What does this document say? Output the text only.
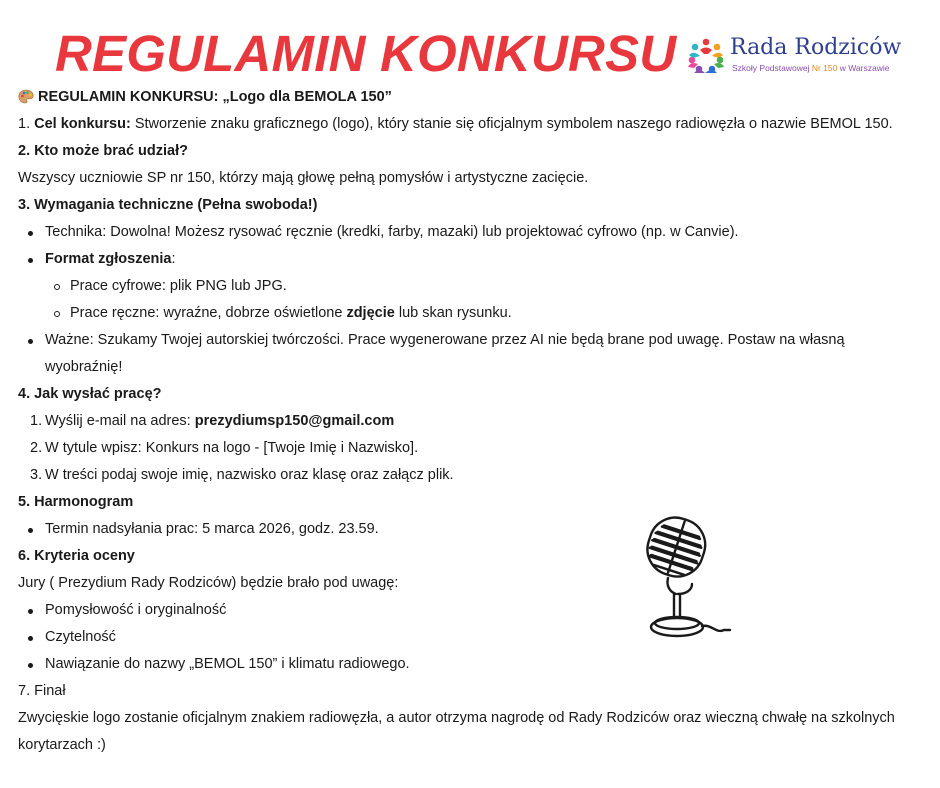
REGULAMIN KONKURSU Rada Rodziców
Szkoły Podstawowej Nr 150 w Warszawie
REGULAMIN KONKURSU: „Logo dla BEMOLA 150”
1. Cel konkursu: Stworzenie znaku graficznego (logo), który stanie się oficjalnym symbolem naszego radiowęzła o nazwie BEMOL 150.
2. Kto może brać udział?
Wszyscy uczniowie SP nr 150, którzy mają głowę pełną pomysłów i artystyczne zacięcie.
3. Wymagania techniczne (Pełna swoboda!)
Technika: Dowolna! Możesz rysować ręcznie (kredki, farby, mazaki) lub projektować cyfrowo (np. w Canvie).
Format zgłoszenia:
Prace cyfrowe: plik PNG lub JPG.
Prace ręczne: wyraźne, dobrze oświetlone zdjęcie lub skan rysunku.
Ważne: Szukamy Twojej autorskiej twórczości. Prace wygenerowane przez AI nie będą brane pod uwagę. Postaw na własną
wyobraźnię!
4. Jak wysłać pracę?
1. Wyślij e-mail na adres: prezydiumsp150@gmail.com
2. W tytule wpisz: Konkurs na logo - [Twoje Imię i Nazwisko].
3. W treści podaj swoje imię, nazwisko oraz klasę oraz załącz plik.
5. Harmonogram
Termin nadsyłania prac: 5 marca 2026, godz. 23.59.
6. Kryteria oceny
Jury ( Prezydium Rady Rodziców) będzie brało pod uwagę:
Pomysłowość i oryginalność
Czytelność
Nawiązanie do nazwy „BEMOL 150” i klimatu radiowego.
7. Finał
Zwycięskie logo zostanie oficjalnym znakiem radiowęzła, a autor otrzyma nagrodę od Rady Rodziców oraz wieczną chwałę na szkolnych
korytarzach :)
